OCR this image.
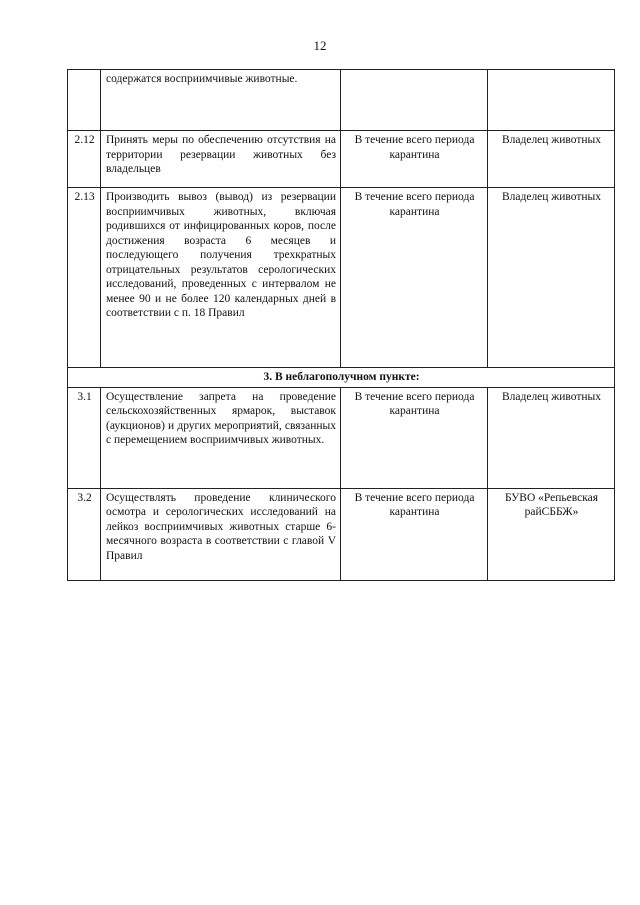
12
	содержатся восприимчивые животные.		
2.12	Принять меры по обеспечению отсутствия на территории резервации животных без владельцев	В течение всего периода карантина	Владелец животных
2.13	Производить вывоз (вывод) из резервации восприимчивых животных, включая родившихся от инфицированных коров, после достижения возраста 6 месяцев и последующего получения трехкратных отрицательных результатов серологических исследований, проведенных с интервалом не менее 90 и не более 120 календарных дней в соответствии с п. 18 Правил	В течение всего периода карантина	Владелец животных
3. В неблагополучном пункте:			
3.1	Осуществление запрета на проведение сельскохозяйственных ярмарок, выставок (аукционов) и других мероприятий, связанных с перемещением восприимчивых животных.	В течение всего периода карантина	Владелец животных
3.2	Осуществлять проведение клинического осмотра и серологических исследований на лейкоз восприимчивых животных старше 6-месячного возраста в соответствии с главой V Правил	В течение всего периода карантина	БУВО «Репьевская райСББЖ»
